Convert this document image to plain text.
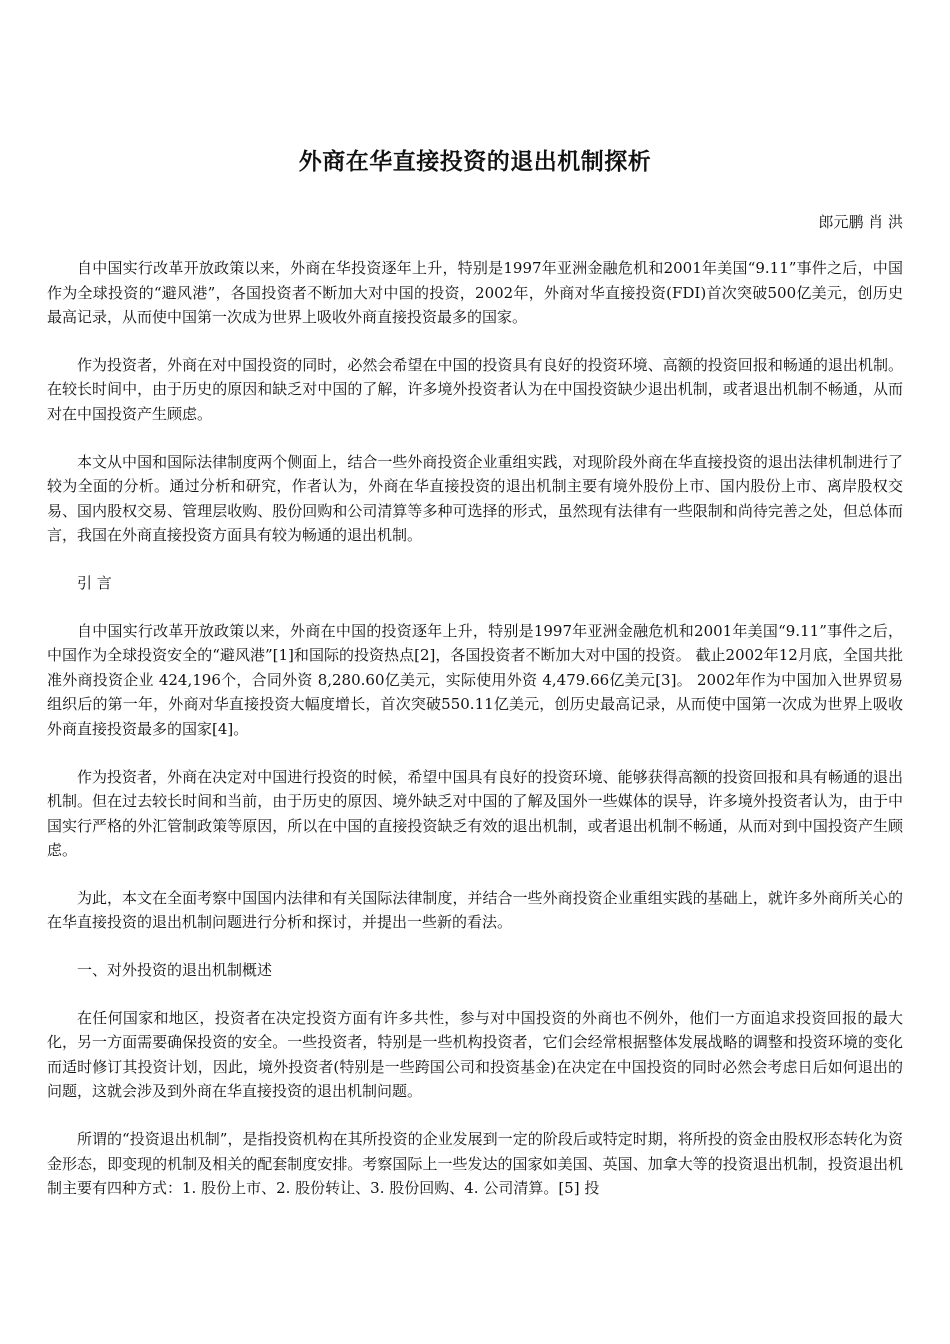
外商在华直接投资的退出机制探析

郎元鹏 肖 洪

自中国实行改革开放政策以来，外商在华投资逐年上升，特别是1997年亚洲金融危机和2001年美国“9.11”事件之后，中国作为全球投资的“避风港”，各国投资者不断加大对中国的投资，2002年，外商对华直接投资(FDI)首次突破500亿美元，创历史最高记录，从而使中国第一次成为世界上吸收外商直接投资最多的国家。

作为投资者，外商在对中国投资的同时，必然会希望在中国的投资具有良好的投资环境、高额的投资回报和畅通的退出机制。在较长时间中，由于历史的原因和缺乏对中国的了解，许多境外投资者认为在中国投资缺少退出机制，或者退出机制不畅通，从而对在中国投资产生顾虑。

本文从中国和国际法律制度两个侧面上，结合一些外商投资企业重组实践，对现阶段外商在华直接投资的退出法律机制进行了较为全面的分析。通过分析和研究，作者认为，外商在华直接投资的退出机制主要有境外股份上市、国内股份上市、离岸股权交易、国内股权交易、管理层收购、股份回购和公司清算等多种可选择的形式，虽然现有法律有一些限制和尚待完善之处，但总体而言，我国在外商直接投资方面具有较为畅通的退出机制。

引 言

自中国实行改革开放政策以来，外商在中国的投资逐年上升，特别是1997年亚洲金融危机和2001年美国“9.11”事件之后，中国作为全球投资安全的“避风港”[1]和国际的投资热点[2]，各国投资者不断加大对中国的投资。 截止2002年12月底，全国共批准外商投资企业 424,196个，合同外资 8,280.60亿美元，实际使用外资 4,479.66亿美元[3]。 2002年作为中国加入世界贸易组织后的第一年，外商对华直接投资大幅度增长，首次突破550.11亿美元，创历史最高记录，从而使中国第一次成为世界上吸收外商直接投资最多的国家[4]。

作为投资者，外商在决定对中国进行投资的时候，希望中国具有良好的投资环境、能够获得高额的投资回报和具有畅通的退出机制。但在过去较长时间和当前，由于历史的原因、境外缺乏对中国的了解及国外一些媒体的误导，许多境外投资者认为，由于中国实行严格的外汇管制政策等原因，所以在中国的直接投资缺乏有效的退出机制，或者退出机制不畅通，从而对到中国投资产生顾虑。

为此，本文在全面考察中国国内法律和有关国际法律制度，并结合一些外商投资企业重组实践的基础上，就许多外商所关心的在华直接投资的退出机制问题进行分析和探讨，并提出一些新的看法。

一、对外投资的退出机制概述

在任何国家和地区，投资者在决定投资方面有许多共性，参与对中国投资的外商也不例外，他们一方面追求投资回报的最大化，另一方面需要确保投资的安全。一些投资者，特别是一些机构投资者，它们会经常根据整体发展战略的调整和投资环境的变化而适时修订其投资计划，因此，境外投资者(特别是一些跨国公司和投资基金)在决定在中国投资的同时必然会考虑日后如何退出的问题，这就会涉及到外商在华直接投资的退出机制问题。

所谓的“投资退出机制”，是指投资机构在其所投资的企业发展到一定的阶段后或特定时期，将所投的资金由股权形态转化为资金形态，即变现的机制及相关的配套制度安排。考察国际上一些发达的国家如美国、英国、加拿大等的投资退出机制，投资退出机制主要有四种方式：1. 股份上市、2. 股份转让、3. 股份回购、4. 公司清算。[5] 投
